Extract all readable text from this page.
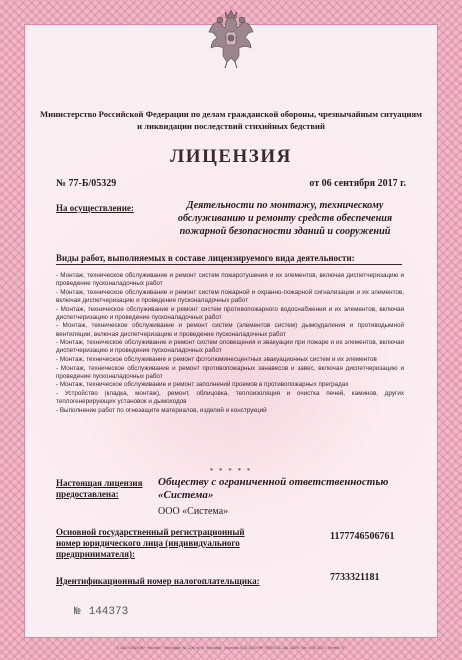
Министерство Российской Федерации по делам гражданской обороны, чрезвычайным ситуациям и ликвидации последствий стихийных бедствий
ЛИЦЕНЗИЯ
№ 77-Б/05329	от 06 сентября 2017 г.
На осуществление:	Деятельности по монтажу, техническому обслуживанию и ремонту средств обеспечения пожарной безопасности зданий и сооружений
Виды работ, выполняемых в составе лицензируемого вида деятельности:

- Монтаж, техническое обслуживание и ремонт систем пожаротушения и их элементов, включая диспетчеризацию и проведение пусконаладочных работ

- Монтаж, техническое обслуживание и ремонт систем пожарной и охранно-пожарной сигнализации и их элементов, включая диспетчеризацию и проведение пусконаладочных работ

- Монтаж, техническое обслуживание и ремонт систем противопожарного водоснабжения и их элементов, включая диспетчеризацию и проведение пусконаладочных работ

- Монтаж, техническое обслуживание и ремонт систем (элементов систем) дымоудаления и противодымной вентиляции, включая диспетчеризацию и проведение пусконаладочных работ

- Монтаж, техническое обслуживание и ремонт систем оповещения и эвакуации при пожаре и их элементов, включая диспетчеризацию и проведение пусконаладочных работ

- Монтаж, техническое обслуживание и ремонт фотолюминесцентных эвакуационных систем и их элементов

- Монтаж, техническое обслуживание и ремонт противопожарных занавесов и завес, включая диспетчеризацию и проведение пусконаладочных работ

- Монтаж, техническое обслуживание и ремонт заполнений проемов в противопожарных преградах

- Устройство (кладка, монтаж), ремонт, облицовка, теплоизоляция и очистка печей, каминов, других теплогенерирующих установок и дымоходов

- Выполнение работ по огнезащите материалов, изделий и конструкций

* * * * *
Настоящая лицензия предоставлена:
Обществу с ограниченной ответственностью «Система»
ООО «Система»
Основной государственный регистрационный номер юридического лица (индивидуального предпринимателя):
1177746506761
Идентификационный номер налогоплательщика:	7733321181
№ 144373
© ЗАО «ОПЦИОН» «Госзнак» "Типография" № 12 по пр. М. Лесозавод". Лицензия 20-02-2016 ИНН 7806007741 Зак. 18/499. Тир. 4 000 2016 г. Уровень "Б"
